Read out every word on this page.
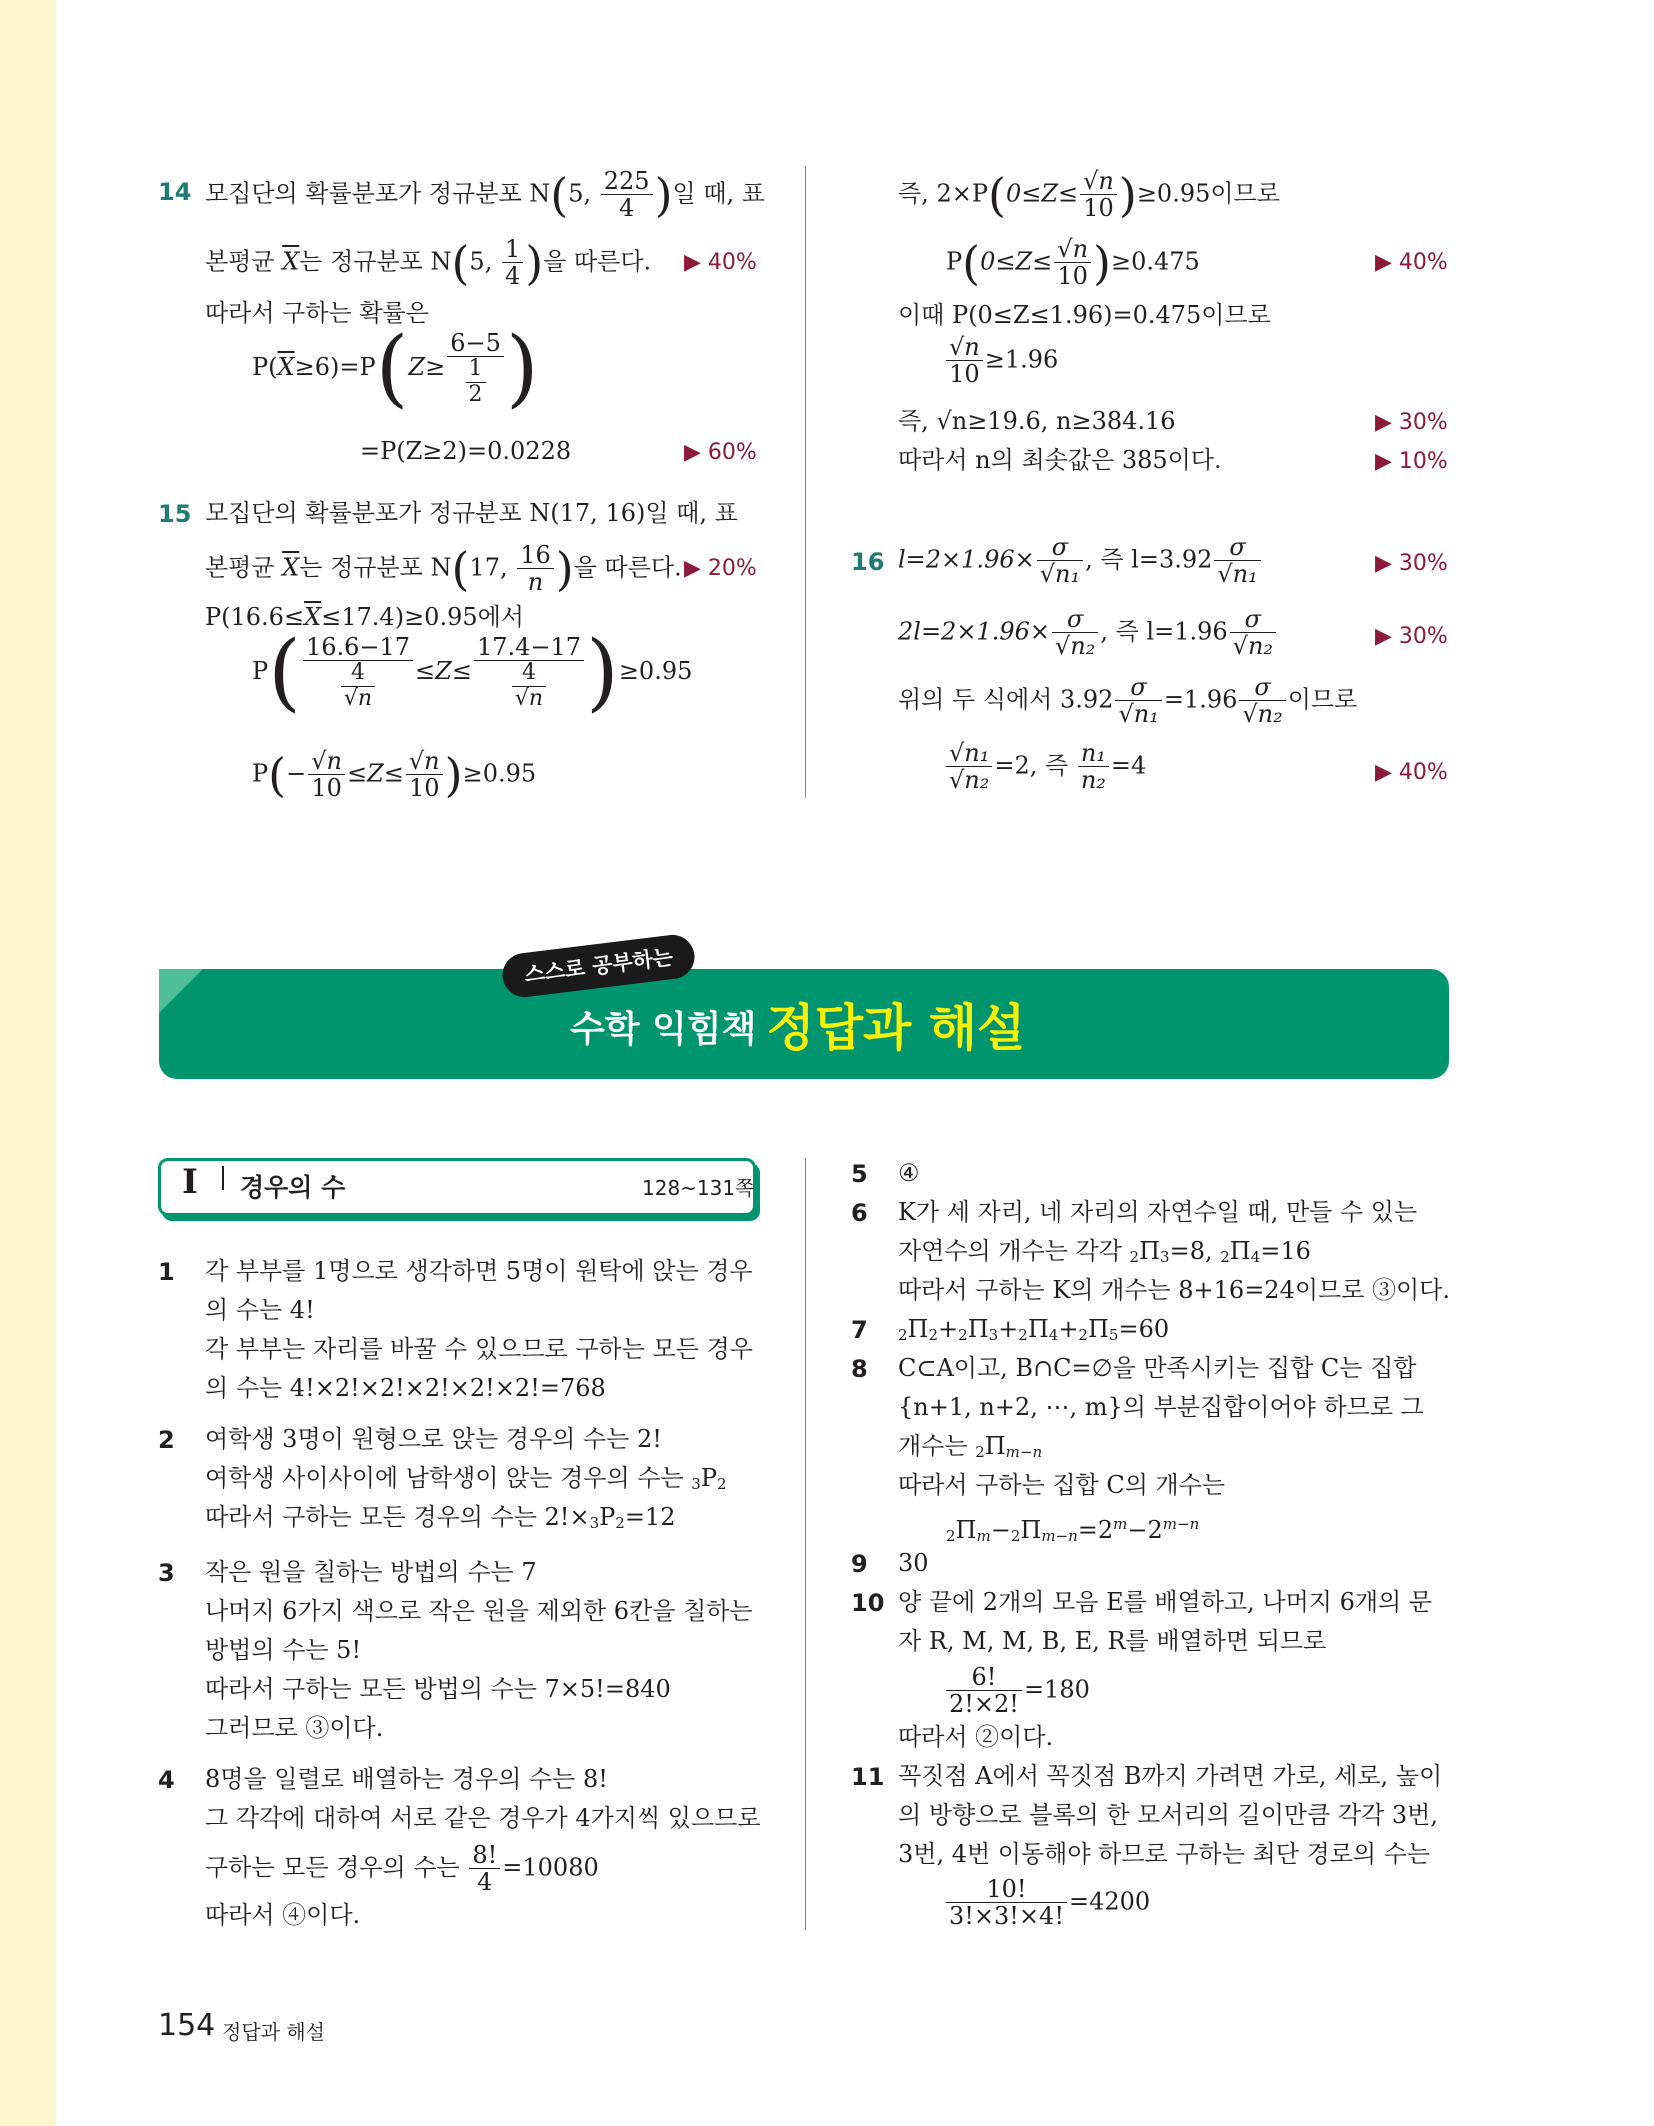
14 모집단의 확률분포가 정규분포 N(5, $\frac{225}{4}$ )일 때, 표
본평균 $\overline{X}$는 정규분포 N(5, $\frac{1}{4}$ )을 따른다. ▶ 40%
따라서 구하는 확률은
$P(\overline{X}\ge 6)=P(Z\ge \frac{6-5}{\frac{1}{2}}$ )
=P(Z≥2)=0.0228	▶ 60%
15 모집단의 확률분포가 정규분포 N(17, 16)일 때, 표
본평균 $\overline{X}$는 정규분포 N(17, $\frac{16}{n}$ )을 따른다. ▶ 20%
$P(16.6\le\overline{X}\le 17.4)\ge 0.95$에서
$P( \frac{16.6-17}{\frac{4}{√n}} \le Z\le \frac{17.4-17}{\frac{4}{√n}} )\ge 0.95$
$P(- \frac{√n}{10} \le Z\le \frac{√n}{10} )\ge 0.95$
즉, $2\times P(0\le Z\le \frac{√n}{10} )\ge 0.95$이므로
$P(0\le Z\le \frac{√n}{10} )\ge 0.475$	▶ 40%
이때 P(0≤Z≤1.96)=0.475이므로
$\frac{√n}{10} \ge 1.96$
즉, √n≥19.6, n≥384.16	▶ 30%
따라서 n의 최솟값은 385이다.	▶ 10%
16 $l=2\times 1.96\times \frac{\sigma}{\text{√n₁}}$ , 즉 $l=3.92 \frac{\sigma}{\text{√n₁}}$	▶ 30%
$2l=2\times 1.96\times \frac{\sigma}{\text{√n₂}}$ , 즉 $l=1.96 \frac{\sigma}{\text{√n₂}}$	▶ 30%
위의 두 식에서 $3.92 \frac{\sigma}{\text{√n₁}} =1.96 \frac{\sigma}{\text{√n₂}}$ 이므로
$\frac{\text{√n₁}}{\text{√n₂}} =2$, 즉 $\frac{\text{n₁}}{\text{n₂}} =4$	▶ 40%
스스로 공부하는
수학 익힘책 정답과 해설
I 경우의 수	128~131쪽
1 각 부부를 1명으로 생각하면 5명이 원탁에 앉는 경우
의 수는 4!
각 부부는 자리를 바꿀 수 있으므로 구하는 모든 경우
의 수는 4!×2!×2!×2!×2!×2!=768
2 여학생 3명이 원형으로 앉는 경우의 수는 2!
여학생 사이사이에 남학생이 앉는 경우의 수는 $_3P_2$
따라서 구하는 모든 경우의 수는 $2!\times_3P_2=12$
3 작은 원을 칠하는 방법의 수는 7
나머지 6가지 색으로 작은 원을 제외한 6칸을 칠하는
방법의 수는 5!
따라서 구하는 모든 방법의 수는 7×5!=840
그러므로 ③이다.
4 8명을 일렬로 배열하는 경우의 수는 8!
그 각각에 대하여 서로 같은 경우가 4가지씩 있으므로
구하는 모든 경우의 수는 $\frac{8!}{4} =10080$
따라서 ④이다.
5 ④
6 K가 세 자리, 네 자리의 자연수일 때, 만들 수 있는
자연수의 개수는 각각 $_2\Pi_3=8$, $_2\Pi_4=16$
따라서 구하는 K의 개수는 8+16=24이므로 ③이다.
7 $_2\Pi_2+_2\Pi_3+_2\Pi_4+_2\Pi_5=60$
8 C⊂A이고, B∩C=∅을 만족시키는 집합 C는 집합
{n+1, n+2, ⋯, m}의 부분집합이어야 하므로 그
개수는 $_2\Pi_{m-n}$
따라서 구하는 집합 C의 개수는
$_2\Pi_m-_2\Pi_{m-n}=2^m-2^{m-n}$
9 30
10 양 끝에 2개의 모음 E를 배열하고, 나머지 6개의 문
자 R, M, M, B, E, R를 배열하면 되므로
$\frac{6!}{2!\times 2!} =180$
따라서 ②이다.
11 꼭짓점 A에서 꼭짓점 B까지 가려면 가로, 세로, 높이
의 방향으로 블록의 한 모서리의 길이만큼 각각 3번,
3번, 4번 이동해야 하므로 구하는 최단 경로의 수는
$\frac{10!}{3!\times 3!\times 4!} =4200$
154 정답과 해설
